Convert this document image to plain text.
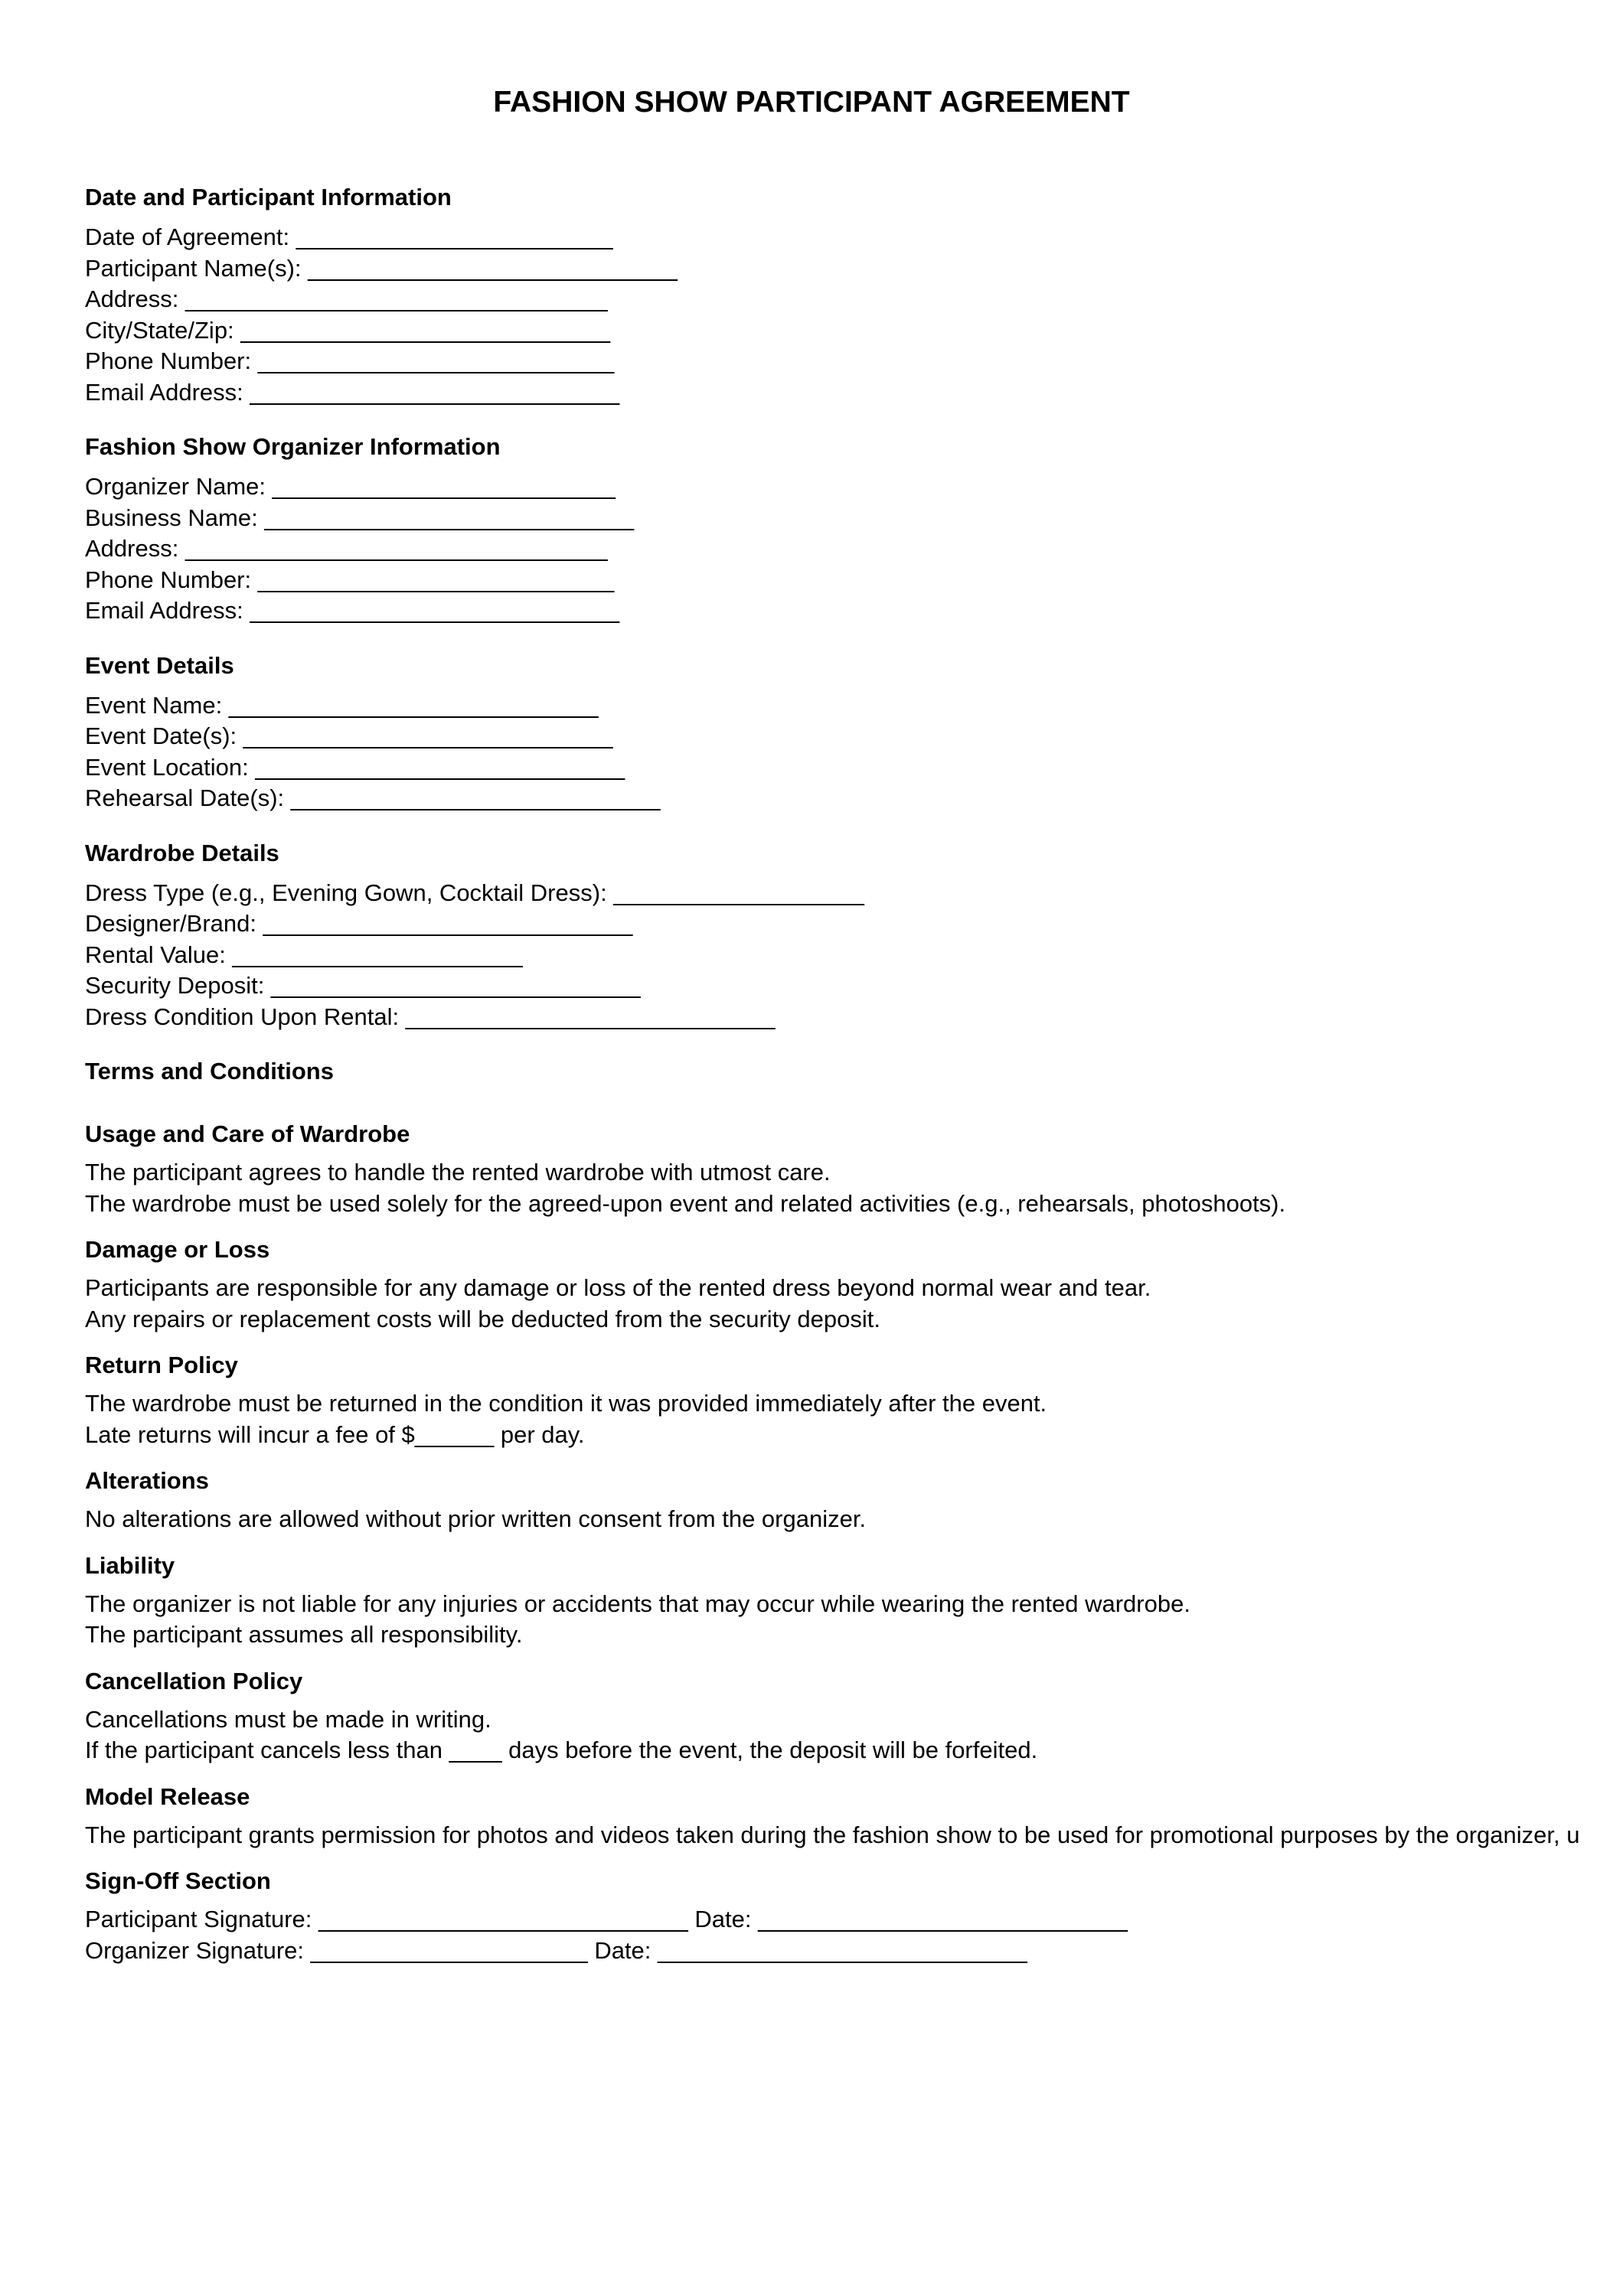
FASHION SHOW PARTICIPANT AGREEMENT
Date and Participant Information
Date of Agreement: ________________________
Participant Name(s): ____________________________
Address: ________________________________
City/State/Zip: ____________________________
Phone Number: ___________________________
Email Address: ____________________________
Fashion Show Organizer Information
Organizer Name: __________________________
Business Name: ____________________________
Address: ________________________________
Phone Number: ___________________________
Email Address: ____________________________
Event Details
Event Name: ____________________________
Event Date(s): ____________________________
Event Location: ____________________________
Rehearsal Date(s): ____________________________
Wardrobe Details
Dress Type (e.g., Evening Gown, Cocktail Dress): ___________________
Designer/Brand: ____________________________
Rental Value: ______________________
Security Deposit: ____________________________
Dress Condition Upon Rental: ____________________________
Terms and Conditions
Usage and Care of Wardrobe
The participant agrees to handle the rented wardrobe with utmost care.
The wardrobe must be used solely for the agreed-upon event and related activities (e.g., rehearsals, photoshoots).
Damage or Loss
Participants are responsible for any damage or loss of the rented dress beyond normal wear and tear.
Any repairs or replacement costs will be deducted from the security deposit.
Return Policy
The wardrobe must be returned in the condition it was provided immediately after the event.
Late returns will incur a fee of $______ per day.
Alterations
No alterations are allowed without prior written consent from the organizer.
Liability
The organizer is not liable for any injuries or accidents that may occur while wearing the rented wardrobe.
The participant assumes all responsibility.
Cancellation Policy
Cancellations must be made in writing.
If the participant cancels less than ____ days before the event, the deposit will be forfeited.
Model Release
The participant grants permission for photos and videos taken during the fashion show to be used for promotional purposes by the organizer, u
Sign-Off Section
Participant Signature: ____________________________ Date: ____________________________
Organizer Signature: _____________________ Date: ____________________________
